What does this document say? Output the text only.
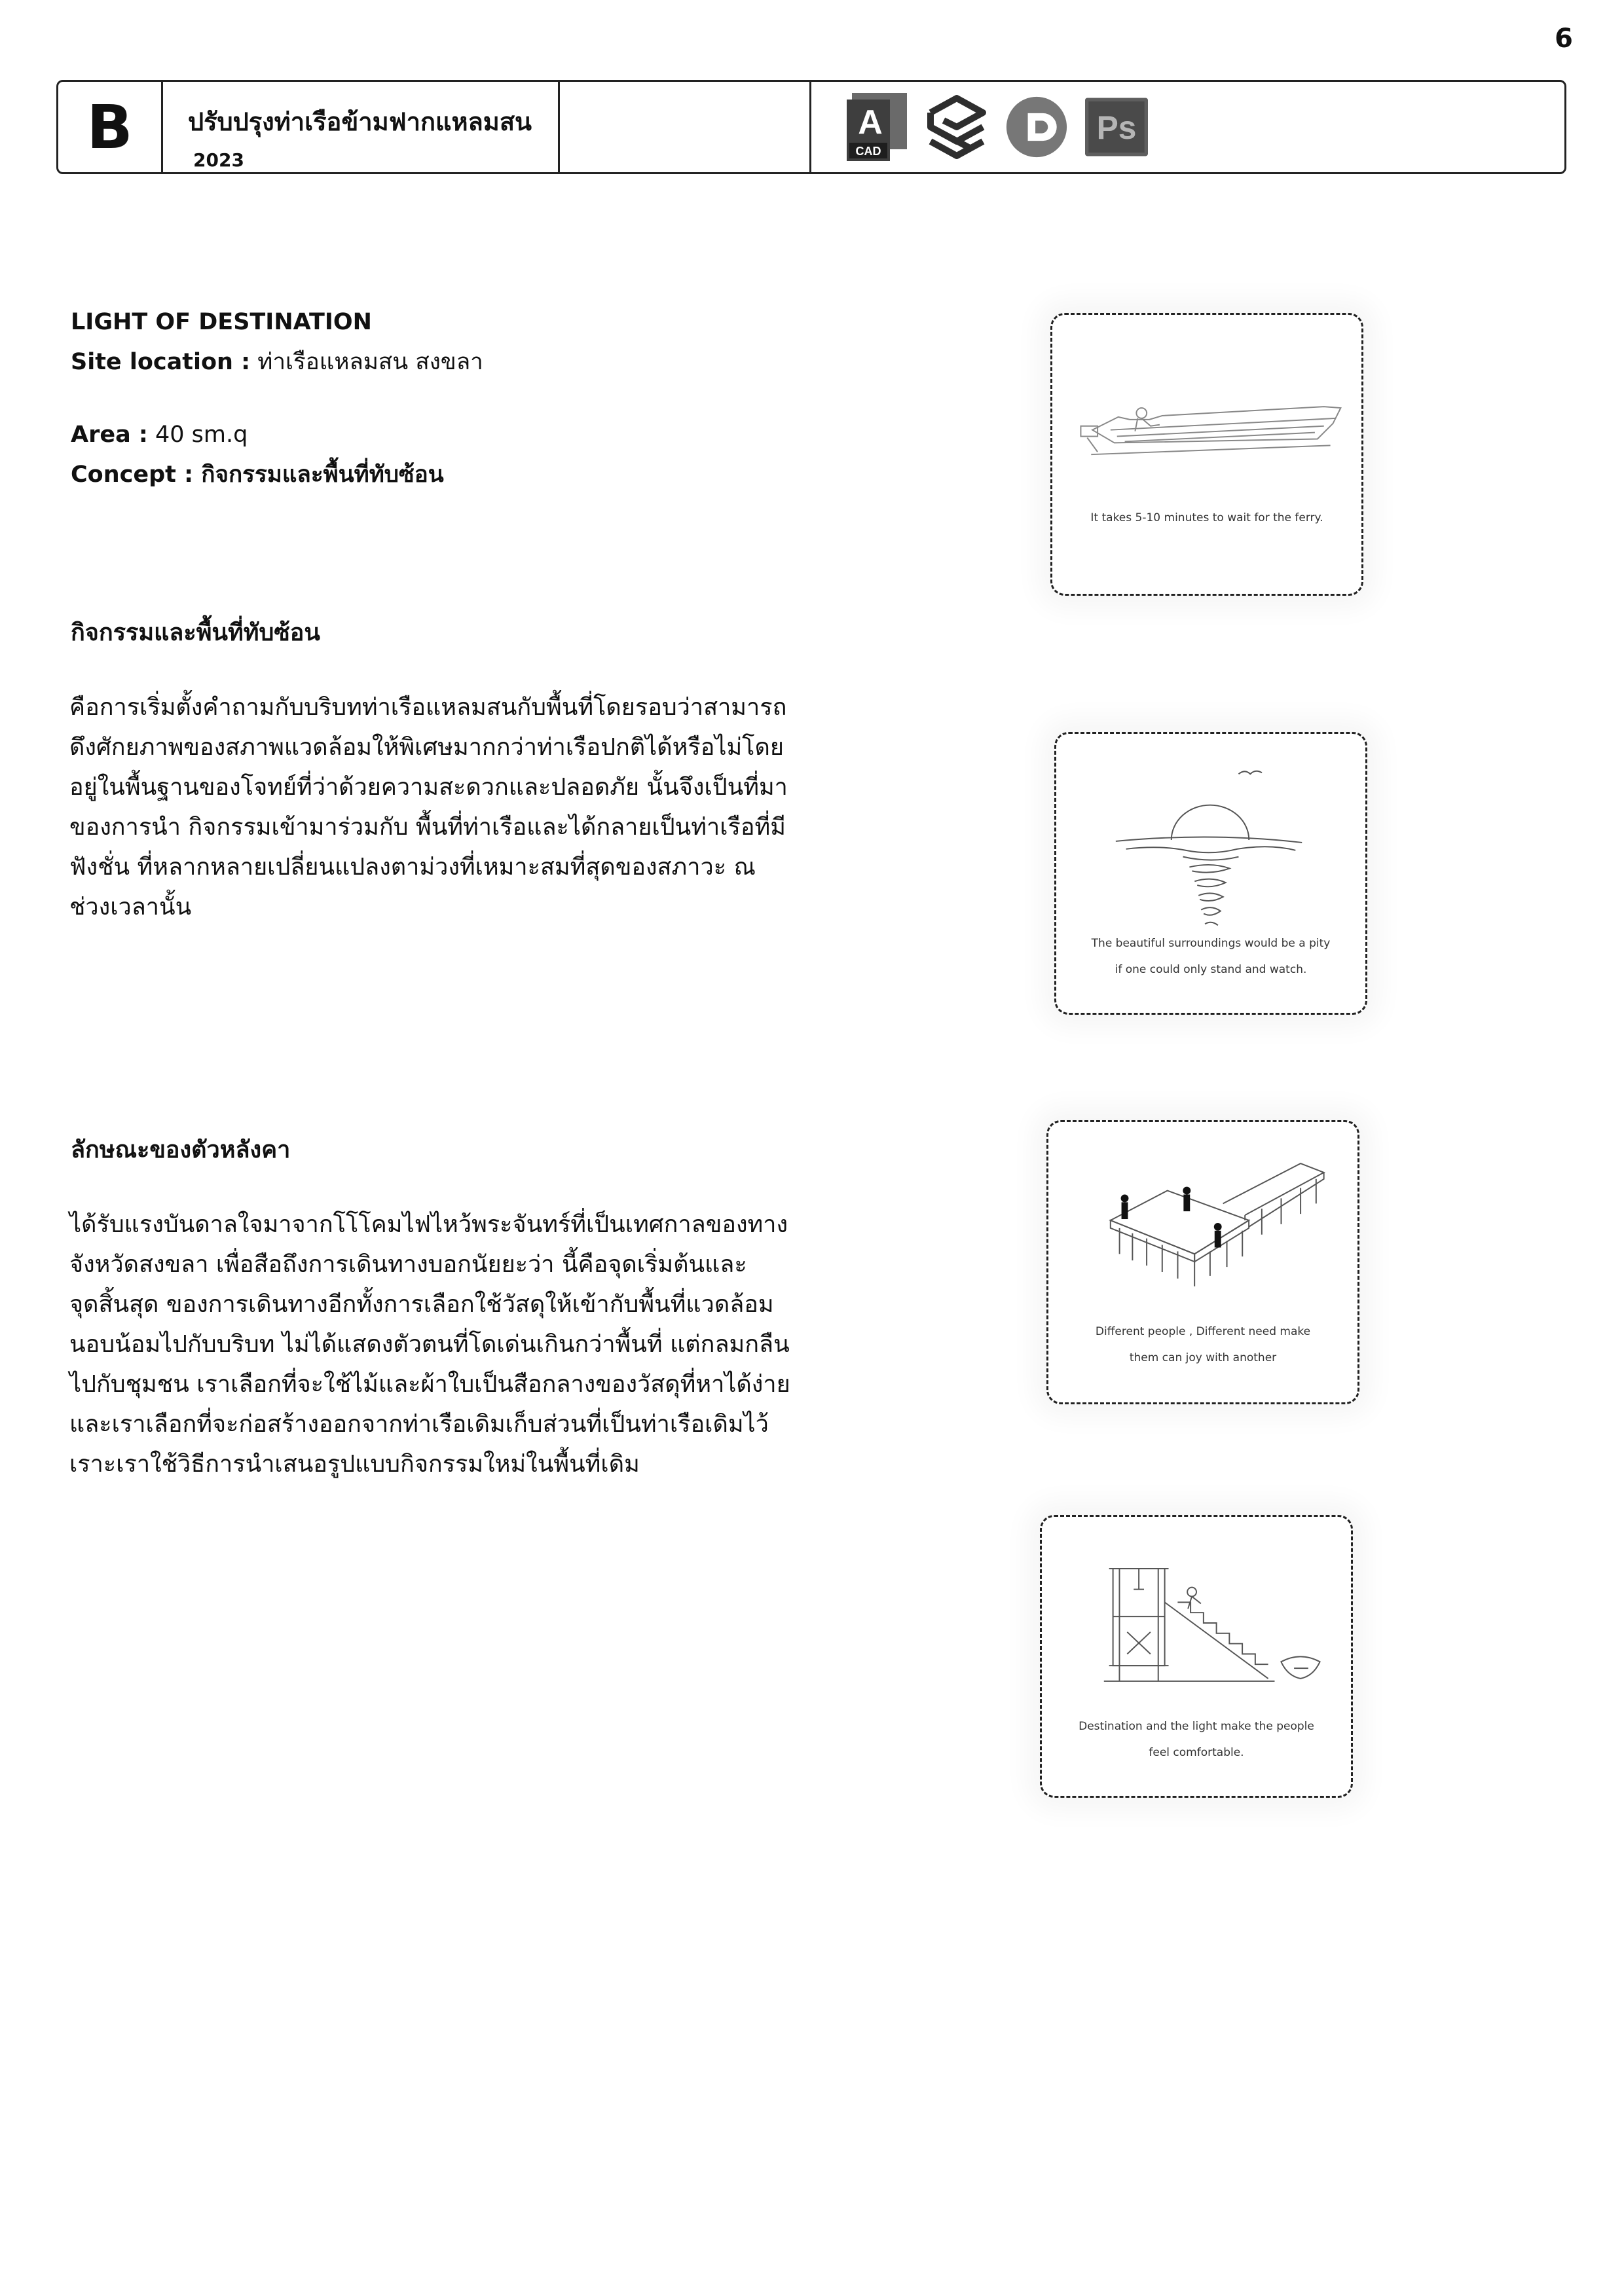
6
B	ปรับปรุงท่าเรือข้ามฟากแหลมสน
2023
A
CAD
Ps
LIGHT OF DESTINATION
Site location : ท่าเรือแหลมสน สงขลา
Area : 40 sm.q
Concept : กิจกรรมและพื้นที่ทับซ้อน
กิจกรรมและพื้นที่ทับซ้อน
คือการเริ่มตั้งคำถามกับบริบทท่าเรือแหลมสนกับพื้นที่โดยรอบว่าสามารถ
ดึงศักยภาพของสภาพแวดล้อมให้พิเศษมากกว่าท่าเรือปกติได้หรือไม่โดย
อยู่ในพื้นฐานของโจทย์ที่ว่าด้วยความสะดวกและปลอดภัย นั้นจึงเป็นที่มา
ของการนำ กิจกรรมเข้ามาร่วมกับ พื้นที่ท่าเรือและได้กลายเป็นท่าเรือที่มี
ฟังชั่น ที่หลากหลายเปลี่ยนแปลงตาม่วงที่เหมาะสมที่สุดของสภาวะ ณ
ช่วงเวลานั้น
ลักษณะของตัวหลังคา
ได้รับแรงบันดาลใจมาจากโโโคมไฟไหว้พระจันทร์ที่เป็นเทศกาลของทาง
จังหวัดสงขลา เพื่อสือถึงการเดินทางบอกนัยยะว่า นี้คือจุดเริ่มต้นและ
จุดสิ้นสุด ของการเดินทางอีกทั้งการเลือกใช้วัสดุให้เข้ากับพื้นที่แวดล้อม
นอบน้อมไปกับบริบท ไม่ได้แสดงตัวตนที่โดเด่นเกินกว่าพื้นที่ แต่กลมกลืน
ไปกับชุมชน เราเลือกที่จะใช้ไม้และผ้าใบเป็นสือกลางของวัสดุที่หาได้ง่าย
และเราเลือกที่จะก่อสร้างออกจากท่าเรือเดิมเก็บส่วนที่เป็นท่าเรือเดิมไว้
เราะเราใช้วิธีการนำเสนอรูปแบบกิจกรรมใหม่ในพื้นที่เดิม
It takes 5-10 minutes to wait for the ferry.
The beautiful surroundings would be a pity
if one could only stand and watch.
Different people , Different need make
them can joy with another
Destination and the light make the people
feel comfortable.
